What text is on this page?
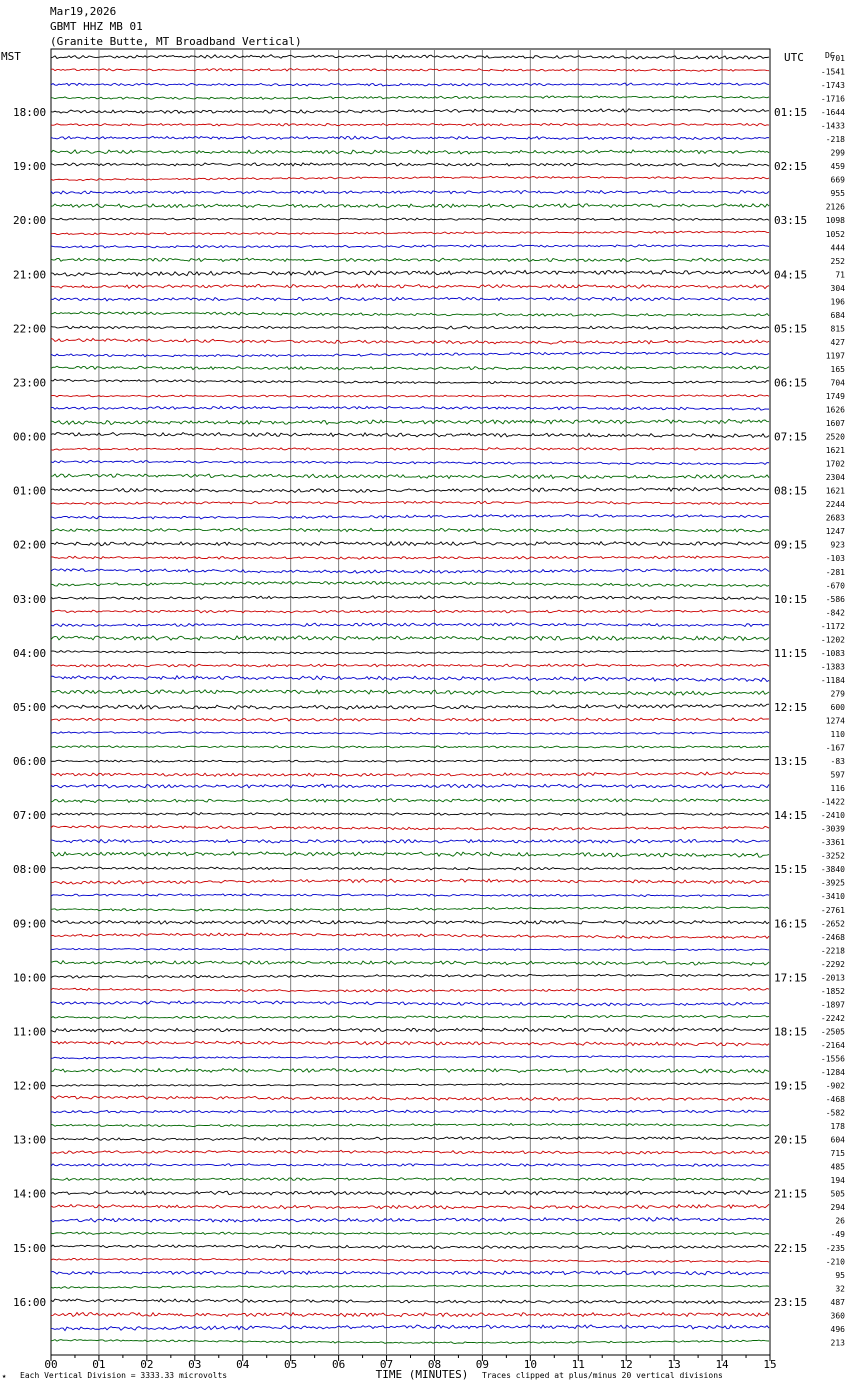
Mar19,2026
GBMT HHZ MB 01
(Granite Butte, MT Broadband Vertical)
MST	UTC
00	01	02	03	04	05	06	07	08	09	10	11	12	13	14	15
TIME (MINUTES)
701
-1541
-1743
-1716
-1644
18:00	01:15
-1433
-218
299
459
19:00	02:15
669
955
2126
1098
20:00	03:15
1052
444
252
71
21:00	04:15
304
196
684
815
22:00	05:15
427
1197
165
704
23:00	06:15
1749
1626
1607
2520
00:00	07:15
1621
1702
2304
1621
01:00	08:15
2244
2683
1247
923
02:00	09:15
-103
-281
-670
-586
03:00	10:15
-842
-1172
-1202
-1083
04:00	11:15
-1383
-1184
279
600
05:00	12:15
1274
110
-167
-83
06:00	13:15
597
116
-1422
-2410
07:00	14:15
-3039
-3361
-3252
-3840
08:00	15:15
-3925
-3410
-2761
-2652
09:00	16:15
-2468
-2218
-2292
-2013
10:00	17:15
-1852
-1897
-2242
-2505
11:00	18:15
-2164
-1556
-1284
-902
12:00	19:15
-468
-582
178
604
13:00	20:15
715
485
194
505
14:00	21:15
294
26
-49
-235
15:00	22:15
-210
95
32
487
16:00	23:15
360
496
213
DC
★ Each Vertical Division = 3333.33 microvolts	Traces clipped at plus/minus 20 vertical divisions
